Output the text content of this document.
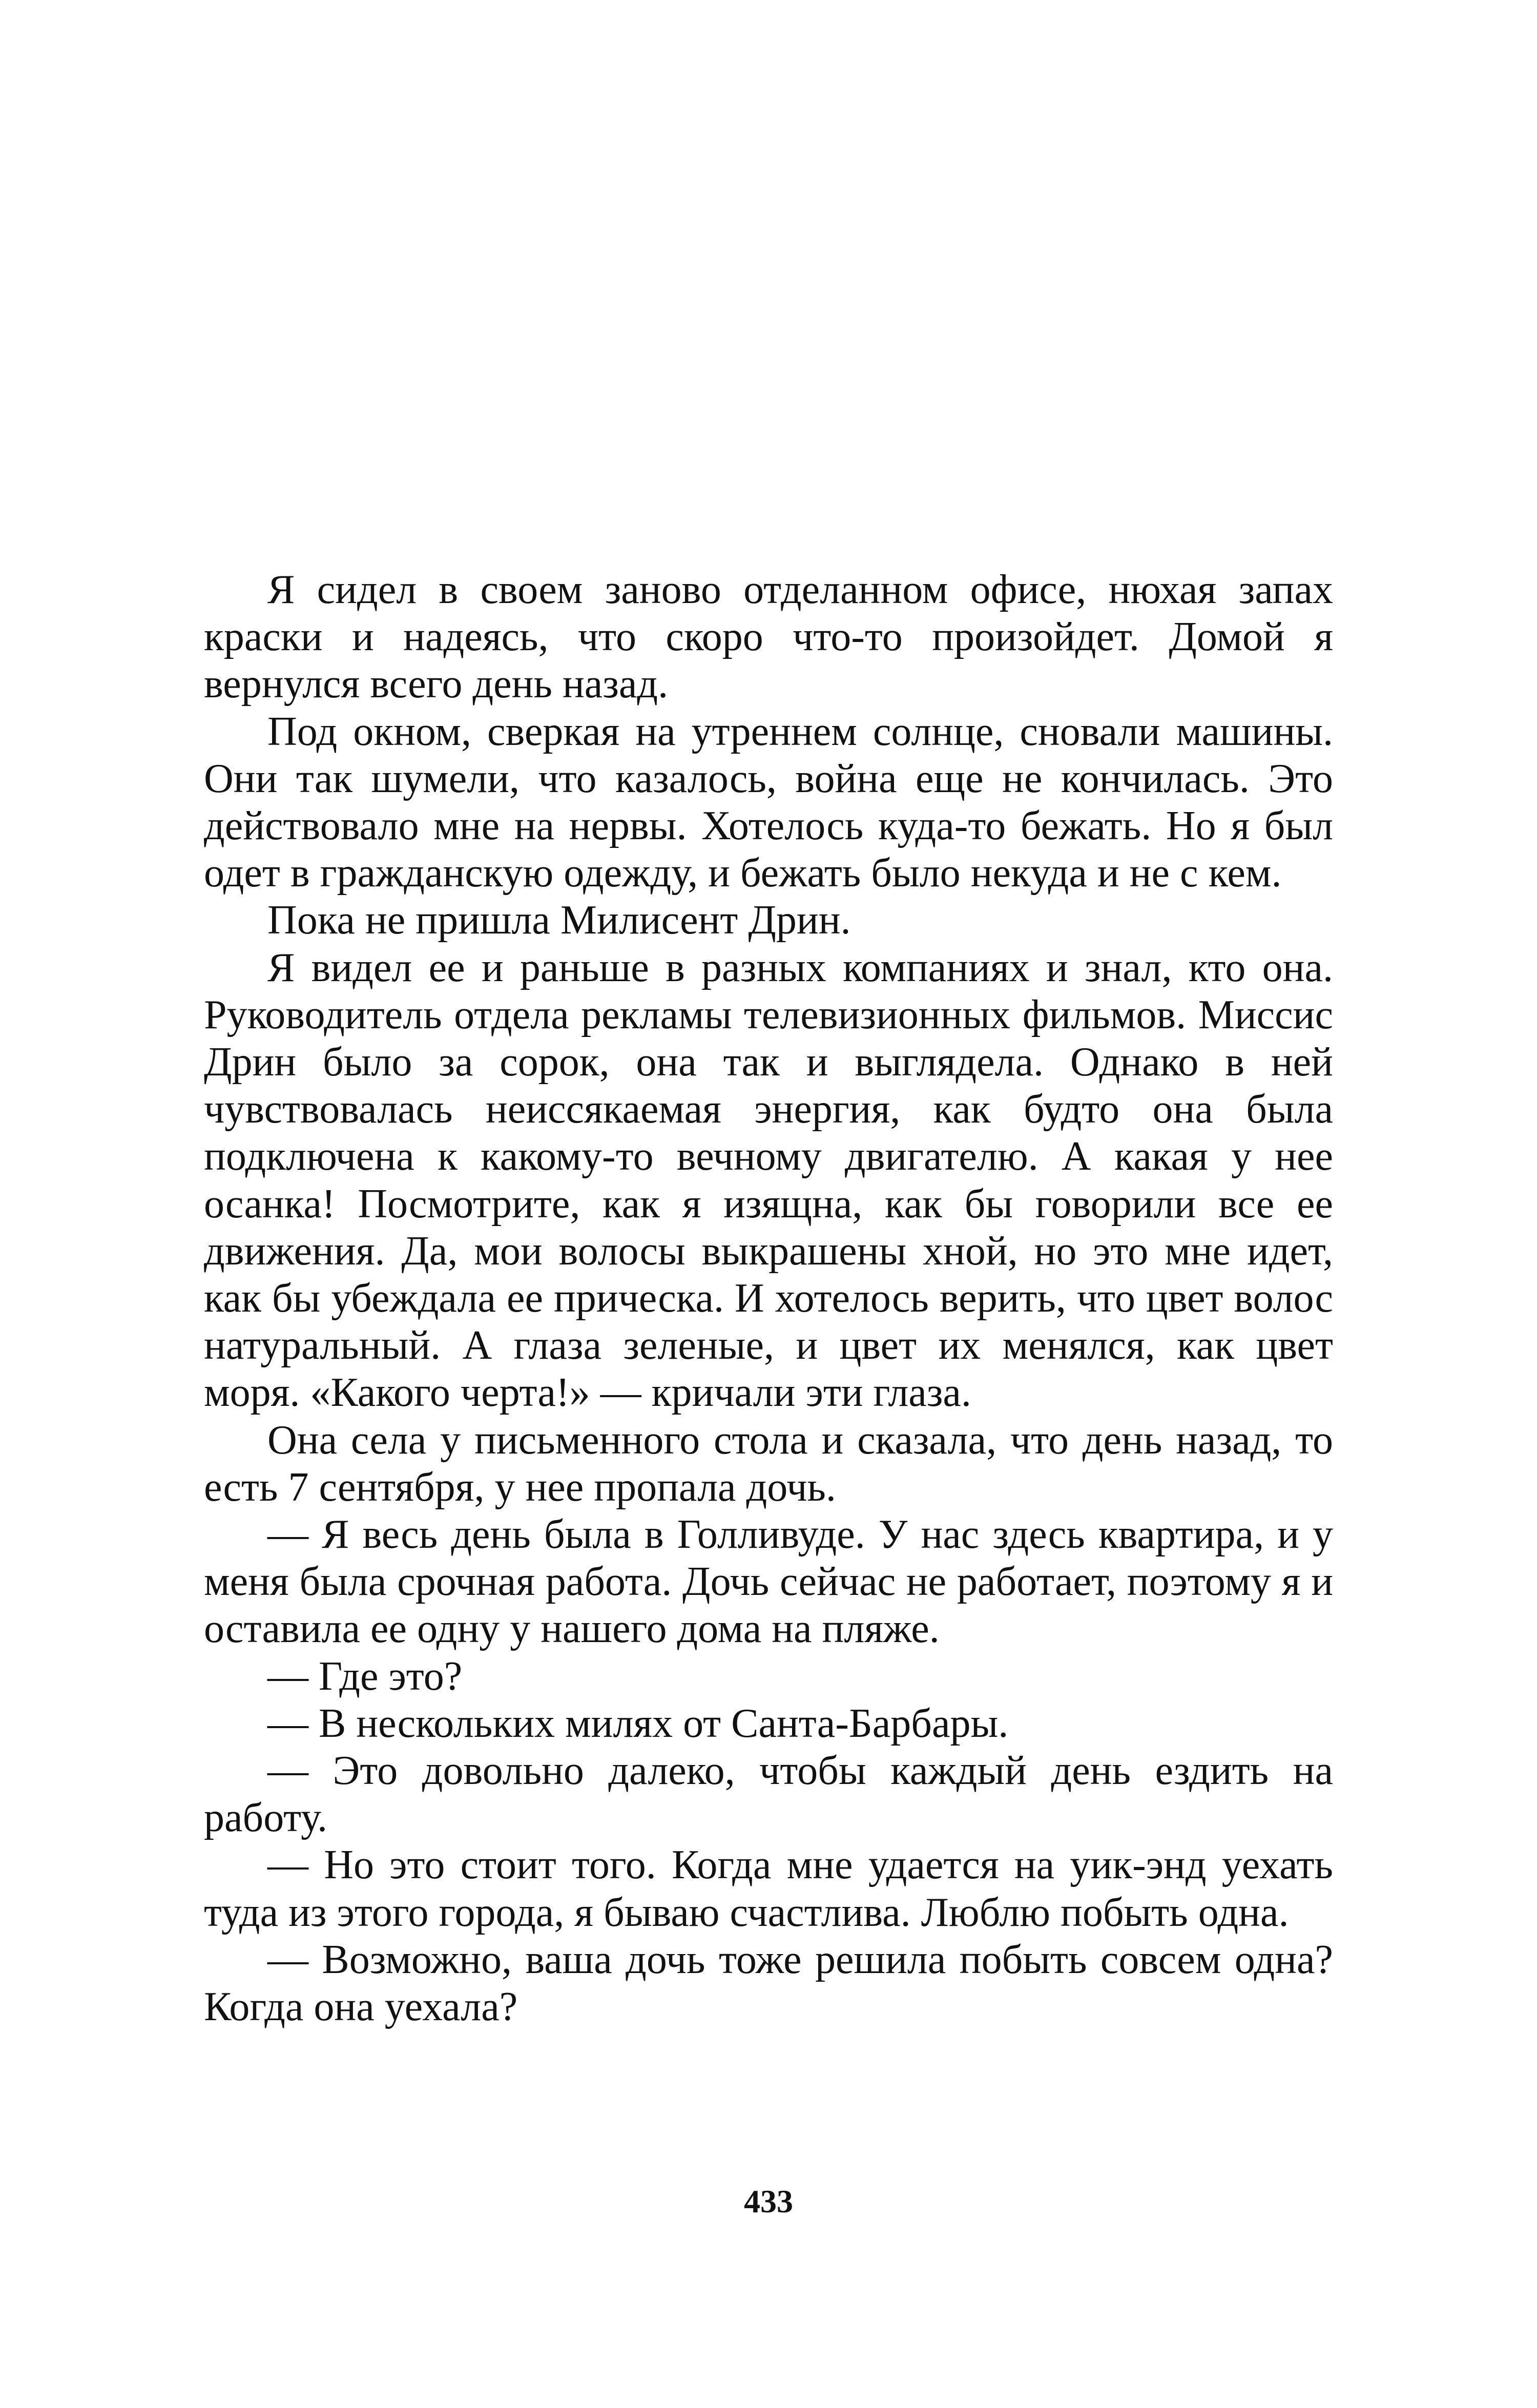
Я сидел в своем заново отделанном офисе, нюхая запах краски и надеясь, что скоро что-то произойдет. Домой я вернулся всего день назад.

Под окном, сверкая на утреннем солнце, сновали машины. Они так шумели, что казалось, война еще не кончилась. Это действовало мне на нервы. Хотелось куда-то бежать. Но я был одет в гражданскую одежду, и бежать было некуда и не с кем.

Пока не пришла Милисент Дрин.

Я видел ее и раньше в разных компаниях и знал, кто она. Руководитель отдела рекламы телевизионных фильмов. Миссис Дрин было за сорок, она так и выглядела. Однако в ней чувствовалась неиссякаемая энергия, как будто она была подключена к какому-то вечному двигателю. А какая у нее осанка! Посмотрите, как я изящна, как бы говорили все ее движения. Да, мои волосы выкрашены хной, но это мне идет, как бы убеждала ее прическа. И хотелось верить, что цвет волос натуральный. А глаза зеленые, и цвет их менялся, как цвет моря. «Какого черта!» — кричали эти глаза.

Она села у письменного стола и сказала, что день назад, то есть 7 сентября, у нее пропала дочь.

— Я весь день была в Голливуде. У нас здесь квартира, и у меня была срочная работа. Дочь сейчас не работает, поэтому я и оставила ее одну у нашего дома на пляже.

— Где это?

— В нескольких милях от Санта-Барбары.

— Это довольно далеко, чтобы каждый день ездить на работу.

— Но это стоит того. Когда мне удается на уик-энд уехать туда из этого города, я бываю счастлива. Люблю побыть одна.

— Возможно, ваша дочь тоже решила побыть совсем одна? Когда она уехала?

433
